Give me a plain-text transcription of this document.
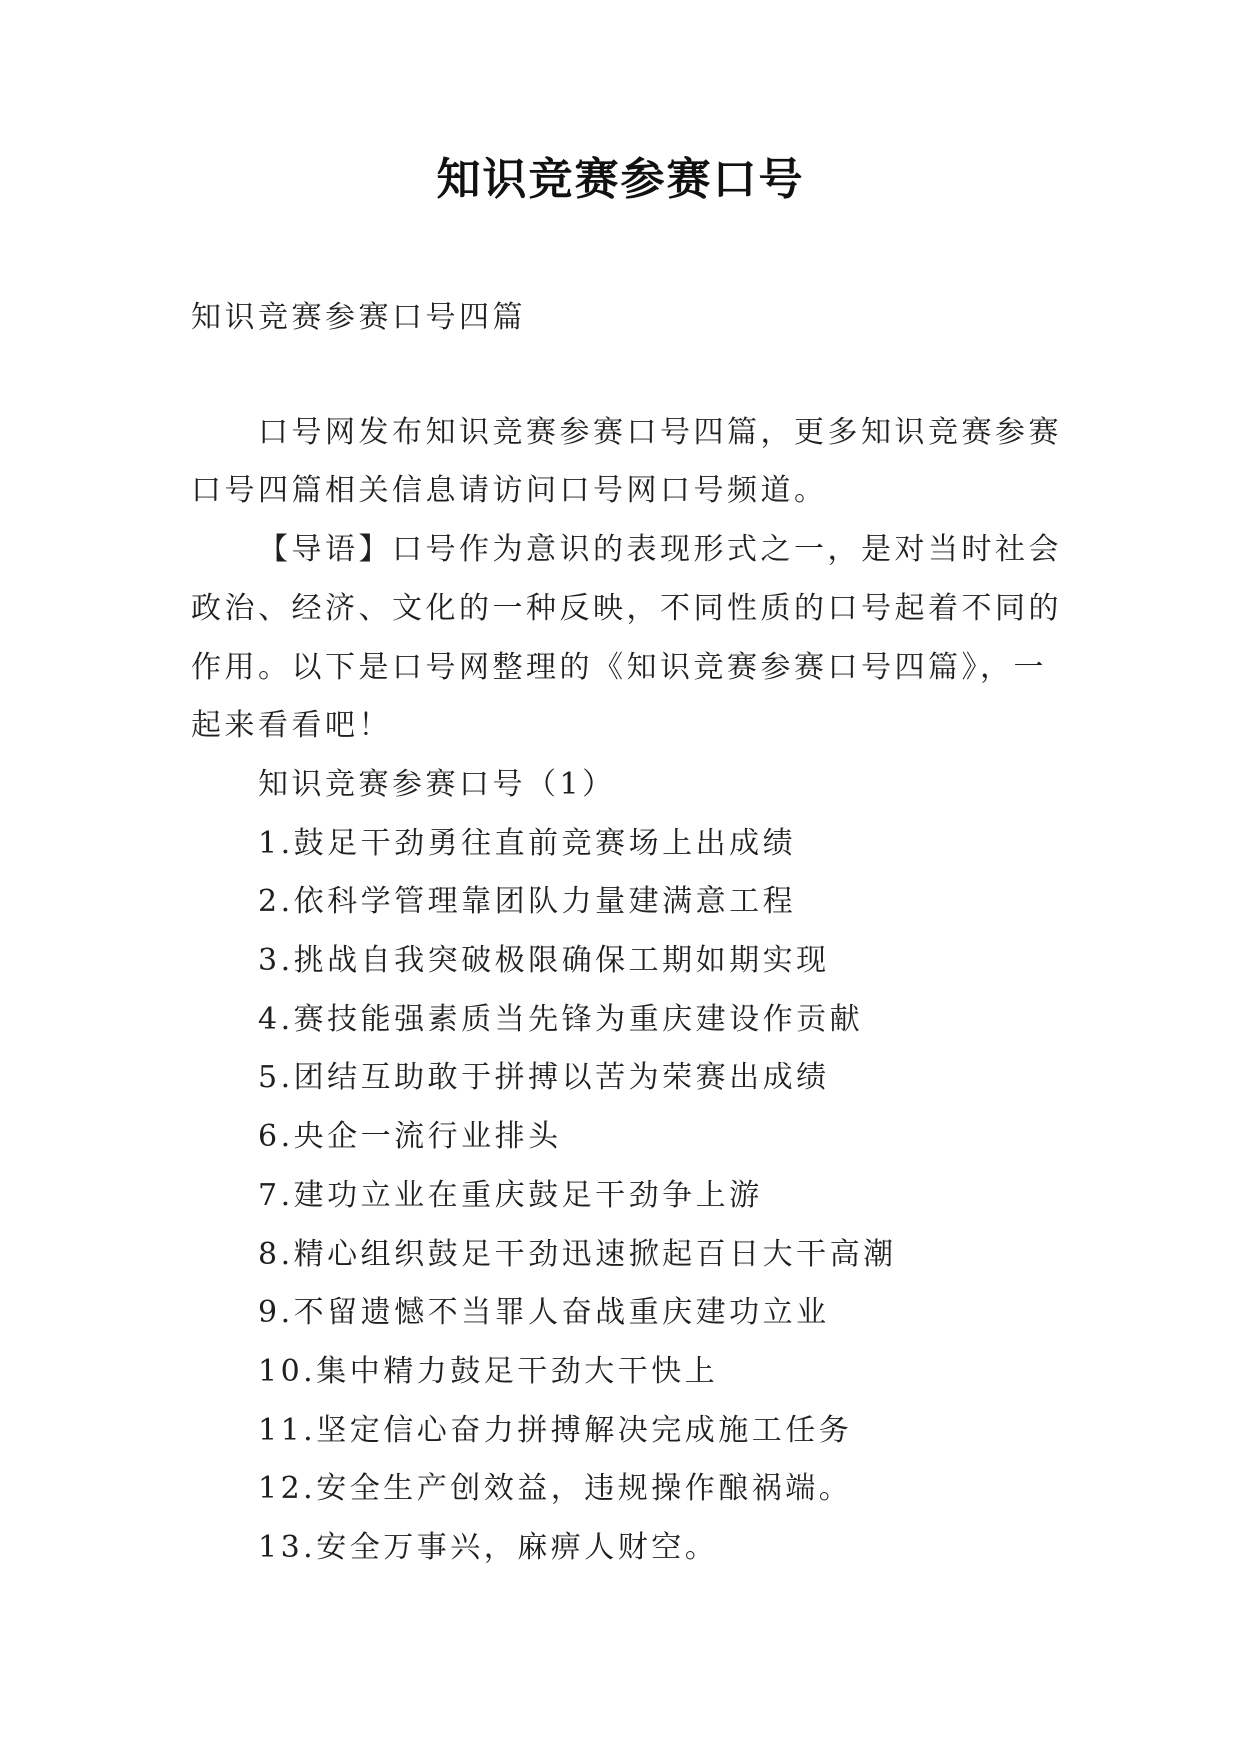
知识竞赛参赛口号

知识竞赛参赛口号四篇

口号网发布知识竞赛参赛口号四篇，更多知识竞赛参赛口号四篇相关信息请访问口号网口号频道。

【导语】口号作为意识的表现形式之一，是对当时社会政治、经济、文化的一种反映，不同性质的口号起着不同的作用。以下是口号网整理的《知识竞赛参赛口号四篇》，一起来看看吧！

知识竞赛参赛口号（1）

1.鼓足干劲勇往直前竞赛场上出成绩
2.依科学管理靠团队力量建满意工程
3.挑战自我突破极限确保工期如期实现
4.赛技能强素质当先锋为重庆建设作贡献
5.团结互助敢于拼搏以苦为荣赛出成绩
6.央企一流行业排头
7.建功立业在重庆鼓足干劲争上游
8.精心组织鼓足干劲迅速掀起百日大干高潮
9.不留遗憾不当罪人奋战重庆建功立业
10.集中精力鼓足干劲大干快上
11.坚定信心奋力拼搏解决完成施工任务
12.安全生产创效益，违规操作酿祸端。
13.安全万事兴，麻痹人财空。
